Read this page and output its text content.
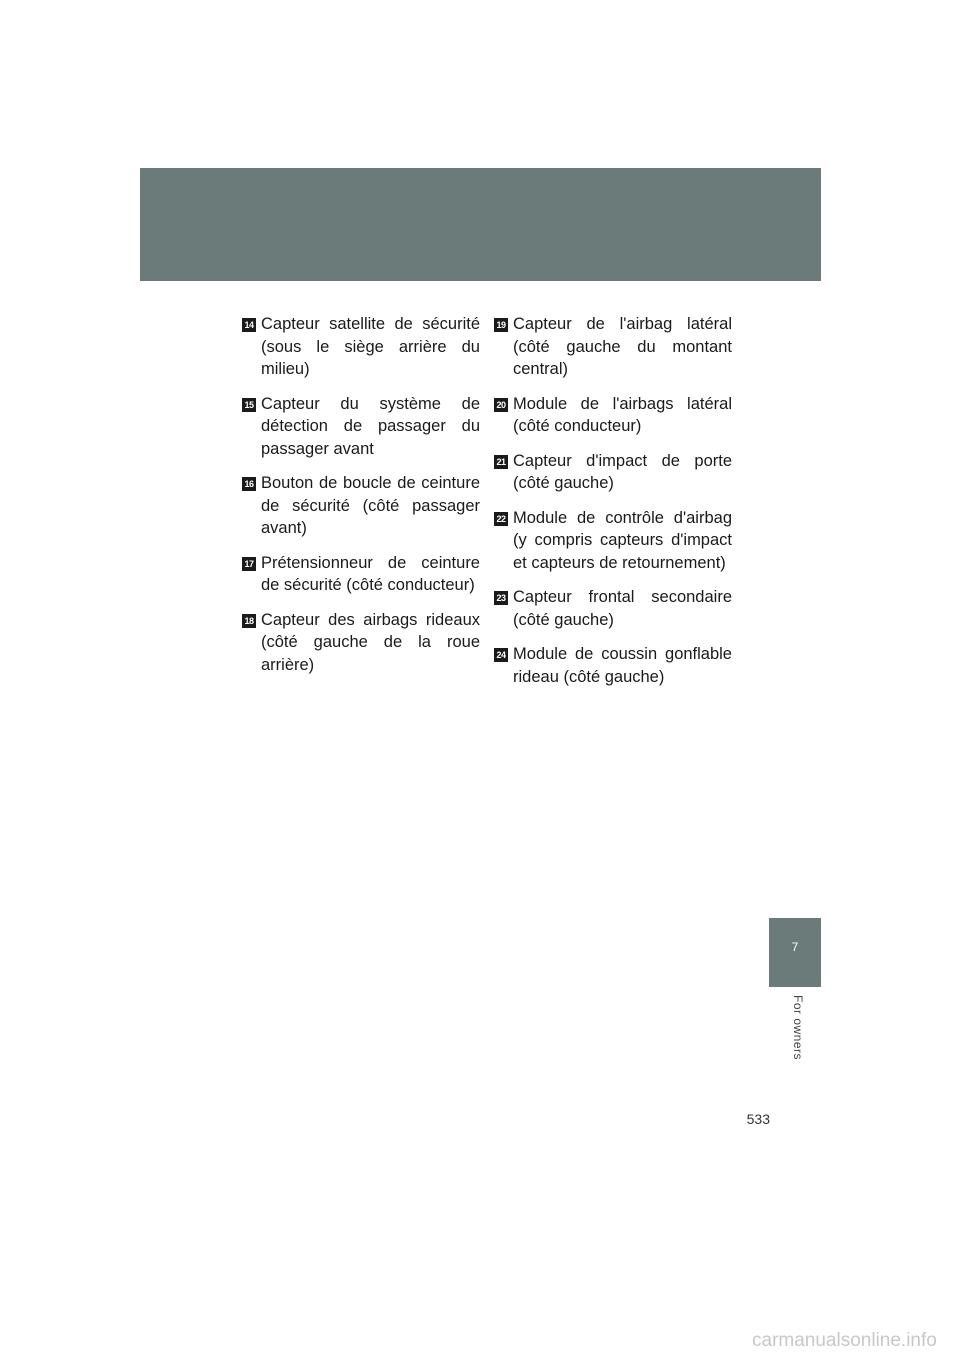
14 Capteur satellite de sécurité (sous le siège arrière du milieu)
15 Capteur du système de détection de passager du passager avant
16 Bouton de boucle de ceinture de sécurité (côté passager avant)
17 Prétensionneur de ceinture de sécurité (côté conducteur)
18 Capteur des airbags rideaux (côté gauche de la roue arrière)
19 Capteur de l'airbag latéral (côté gauche du montant central)
20 Module de l'airbags latéral (côté conducteur)
21 Capteur d'impact de porte (côté gauche)
22 Module de contrôle d'airbag (y compris capteurs d'impact et capteurs de retournement)
23 Capteur frontal secondaire (côté gauche)
24 Module de coussin gonflable rideau (côté gauche)
7
For owners
533
carmanualsonline.info
